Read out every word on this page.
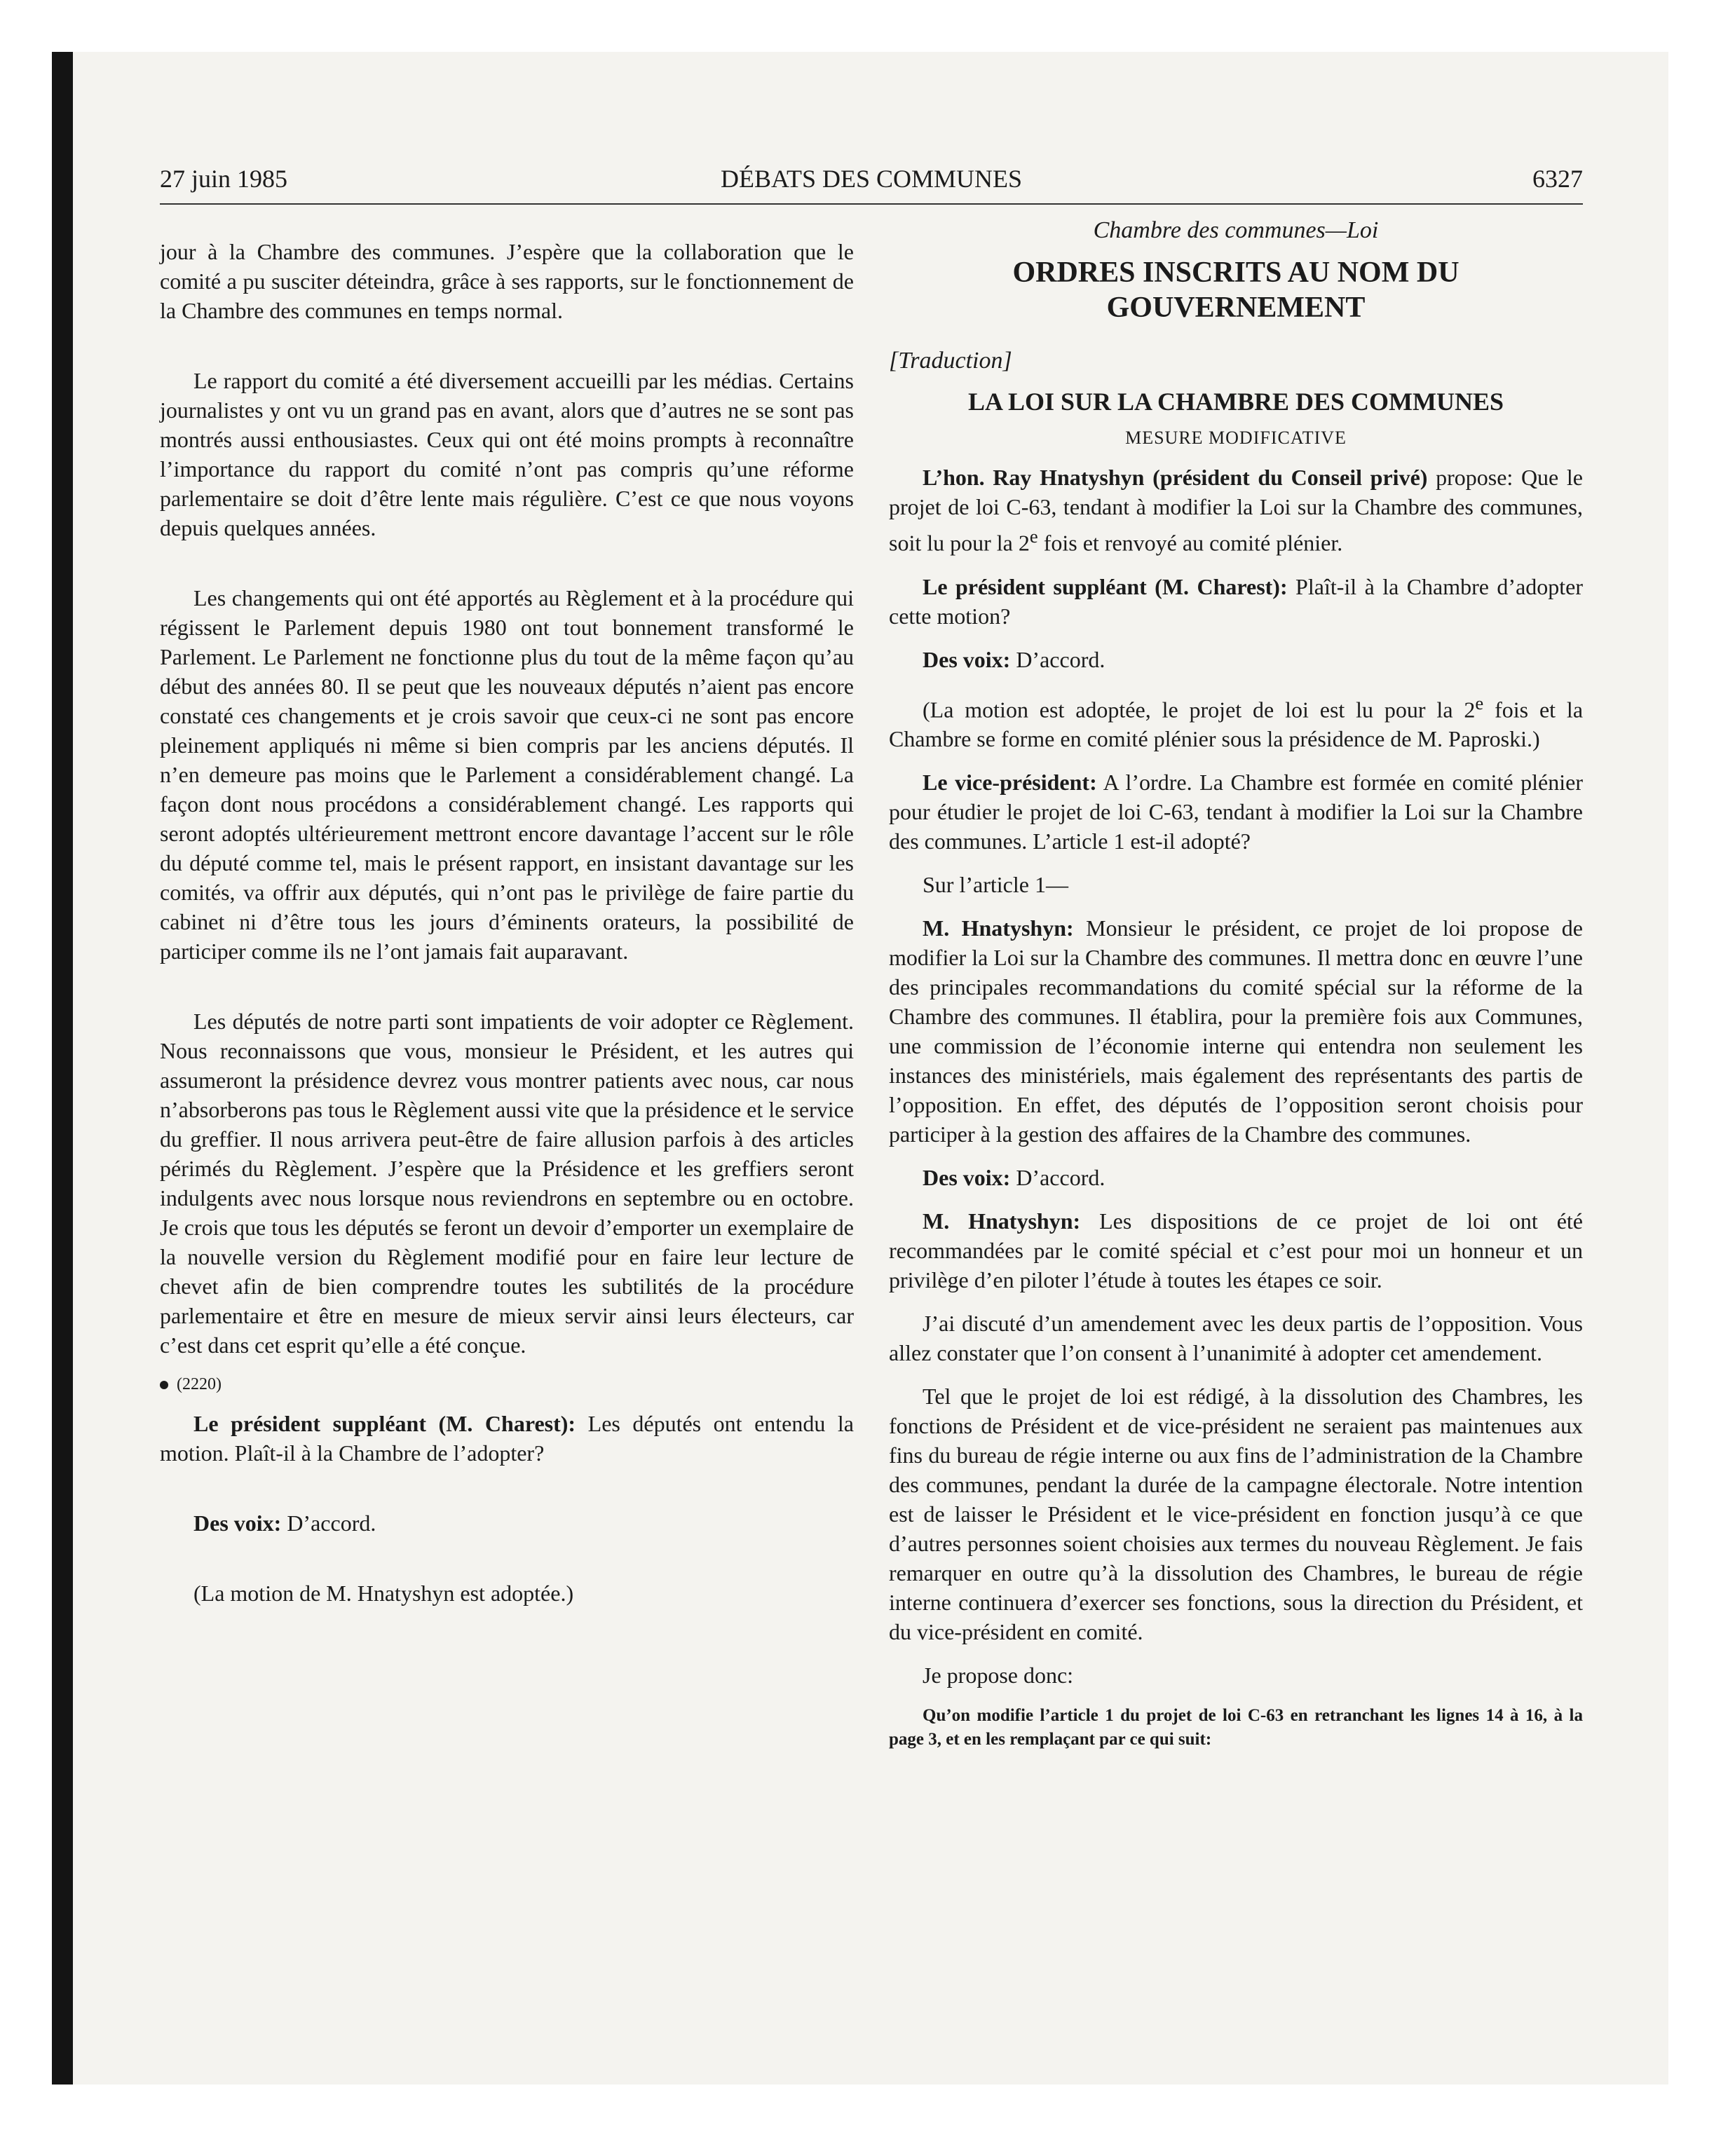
DÉBATS DES COMMUNES
27 juin 1985	6327

jour à la Chambre des communes. J’espère que la collaboration que le comité a pu susciter déteindra, grâce à ses rapports, sur le fonctionnement de la Chambre des communes en temps normal.

Le rapport du comité a été diversement accueilli par les médias. Certains journalistes y ont vu un grand pas en avant, alors que d’autres ne se sont pas montrés aussi enthousiastes. Ceux qui ont été moins prompts à reconnaître l’importance du rapport du comité n’ont pas compris qu’une réforme parlementaire se doit d’être lente mais régulière. C’est ce que nous voyons depuis quelques années.

Les changements qui ont été apportés au Règlement et à la procédure qui régissent le Parlement depuis 1980 ont tout bonnement transformé le Parlement. Le Parlement ne fonctionne plus du tout de la même façon qu’au début des années 80. Il se peut que les nouveaux députés n’aient pas encore constaté ces changements et je crois savoir que ceux-ci ne sont pas encore pleinement appliqués ni même si bien compris par les anciens députés. Il n’en demeure pas moins que le Parlement a considérablement changé. La façon dont nous procédons a considérablement changé. Les rapports qui seront adoptés ultérieurement mettront encore davantage l’accent sur le rôle du député comme tel, mais le présent rapport, en insistant davantage sur les comités, va offrir aux députés, qui n’ont pas le privilège de faire partie du cabinet ni d’être tous les jours d’éminents orateurs, la possibilité de participer comme ils ne l’ont jamais fait auparavant.

Les députés de notre parti sont impatients de voir adopter ce Règlement. Nous reconnaissons que vous, monsieur le Président, et les autres qui assumeront la présidence devrez vous montrer patients avec nous, car nous n’absorberons pas tous le Règlement aussi vite que la présidence et le service du greffier. Il nous arrivera peut-être de faire allusion parfois à des articles périmés du Règlement. J’espère que la Présidence et les greffiers seront indulgents avec nous lorsque nous reviendrons en septembre ou en octobre. Je crois que tous les députés se feront un devoir d’emporter un exemplaire de la nouvelle version du Règlement modifié pour en faire leur lecture de chevet afin de bien comprendre toutes les subtilités de la procédure parlementaire et être en mesure de mieux servir ainsi leurs électeurs, car c’est dans cet esprit qu’elle a été conçue.

(2220)

Le président suppléant (M. Charest): Les députés ont entendu la motion. Plaît-il à la Chambre de l’adopter?

Des voix: D’accord.

(La motion de M. Hnatyshyn est adoptée.)

Chambre des communes—Loi
ORDRES INSCRITS AU NOM DU GOUVERNEMENT
[Traduction]
LA LOI SUR LA CHAMBRE DES COMMUNES
MESURE MODIFICATIVE

L’hon. Ray Hnatyshyn (président du Conseil privé) propose: Que le projet de loi C-63, tendant à modifier la Loi sur la Chambre des communes, soit lu pour la 2e fois et renvoyé au comité plénier.

Le président suppléant (M. Charest): Plaît-il à la Chambre d’adopter cette motion?

Des voix: D’accord.

(La motion est adoptée, le projet de loi est lu pour la 2e fois et la Chambre se forme en comité plénier sous la présidence de M. Paproski.)

Le vice-président: A l’ordre. La Chambre est formée en comité plénier pour étudier le projet de loi C-63, tendant à modifier la Loi sur la Chambre des communes. L’article 1 est-il adopté?

Sur l’article 1—

M. Hnatyshyn: Monsieur le président, ce projet de loi propose de modifier la Loi sur la Chambre des communes. Il mettra donc en œuvre l’une des principales recommandations du comité spécial sur la réforme de la Chambre des communes. Il établira, pour la première fois aux Communes, une commission de l’économie interne qui entendra non seulement les instances des ministériels, mais également des représentants des partis de l’opposition. En effet, des députés de l’opposition seront choisis pour participer à la gestion des affaires de la Chambre des communes.

Des voix: D’accord.

M. Hnatyshyn: Les dispositions de ce projet de loi ont été recommandées par le comité spécial et c’est pour moi un honneur et un privilège d’en piloter l’étude à toutes les étapes ce soir.

J’ai discuté d’un amendement avec les deux partis de l’opposition. Vous allez constater que l’on consent à l’unanimité à adopter cet amendement.

Tel que le projet de loi est rédigé, à la dissolution des Chambres, les fonctions de Président et de vice-président ne seraient pas maintenues aux fins du bureau de régie interne ou aux fins de l’administration de la Chambre des communes, pendant la durée de la campagne électorale. Notre intention est de laisser le Président et le vice-président en fonction jusqu’à ce que d’autres personnes soient choisies aux termes du nouveau Règlement. Je fais remarquer en outre qu’à la dissolution des Chambres, le bureau de régie interne continuera d’exercer ses fonctions, sous la direction du Président, et du vice-président en comité.

Je propose donc:

Qu’on modifie l’article 1 du projet de loi C-63 en retranchant les lignes 14 à 16, à la page 3, et en les remplaçant par ce qui suit:
